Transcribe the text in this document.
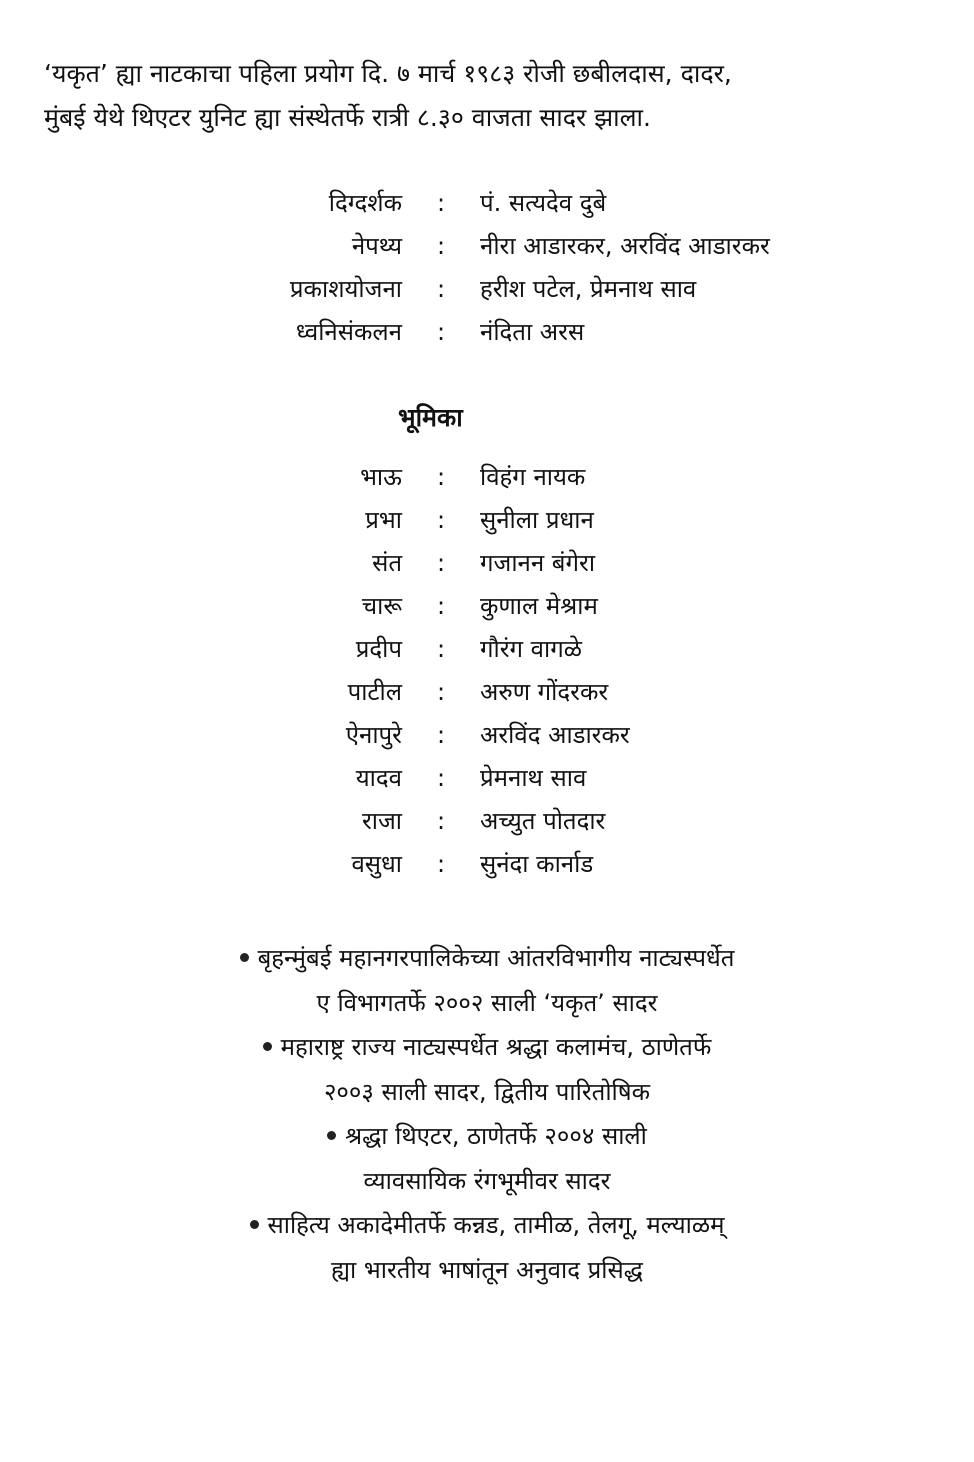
‘यकृत’ ह्या नाटकाचा पहिला प्रयोग दि. ७ मार्च १९८३ रोजी छबीलदास, दादर,

मुंबई येथे थिएटर युनिट ह्या संस्थेतर्फे रात्री ८.३० वाजता सादर झाला.

दिग्दर्शक : पं. सत्यदेव दुबे
नेपथ्य : नीरा आडारकर, अरविंद आडारकर
प्रकाशयोजना : हरीश पटेल, प्रेमनाथ साव
ध्वनिसंकलन : नंदिता अरस
भूमिका
भाऊ : विहंग नायक
प्रभा : सुनीला प्रधान
संत : गजानन बंगेरा
चारू : कुणाल मेश्राम
प्रदीप : गौरंग वागळे
पाटील : अरुण गोंदरकर
ऐनापुरे : अरविंद आडारकर
यादव : प्रेमनाथ साव
राजा : अच्युत पोतदार
वसुधा : सुनंदा कार्नाड
बृहन्मुंबई महानगरपालिकेच्या आंतरविभागीय नाट्यस्पर्धेत
ए विभागतर्फे २००२ साली ‘यकृत’ सादर
महाराष्ट्र राज्य नाट्यस्पर्धेत श्रद्धा कलामंच, ठाणेतर्फे
२००३ साली सादर, द्वितीय पारितोषिक
श्रद्धा थिएटर, ठाणेतर्फे २००४ साली
व्यावसायिक रंगभूमीवर सादर
साहित्य अकादेमीतर्फे कन्नड, तामीळ, तेलगू, मल्याळम्
ह्या भारतीय भाषांतून अनुवाद प्रसिद्ध
